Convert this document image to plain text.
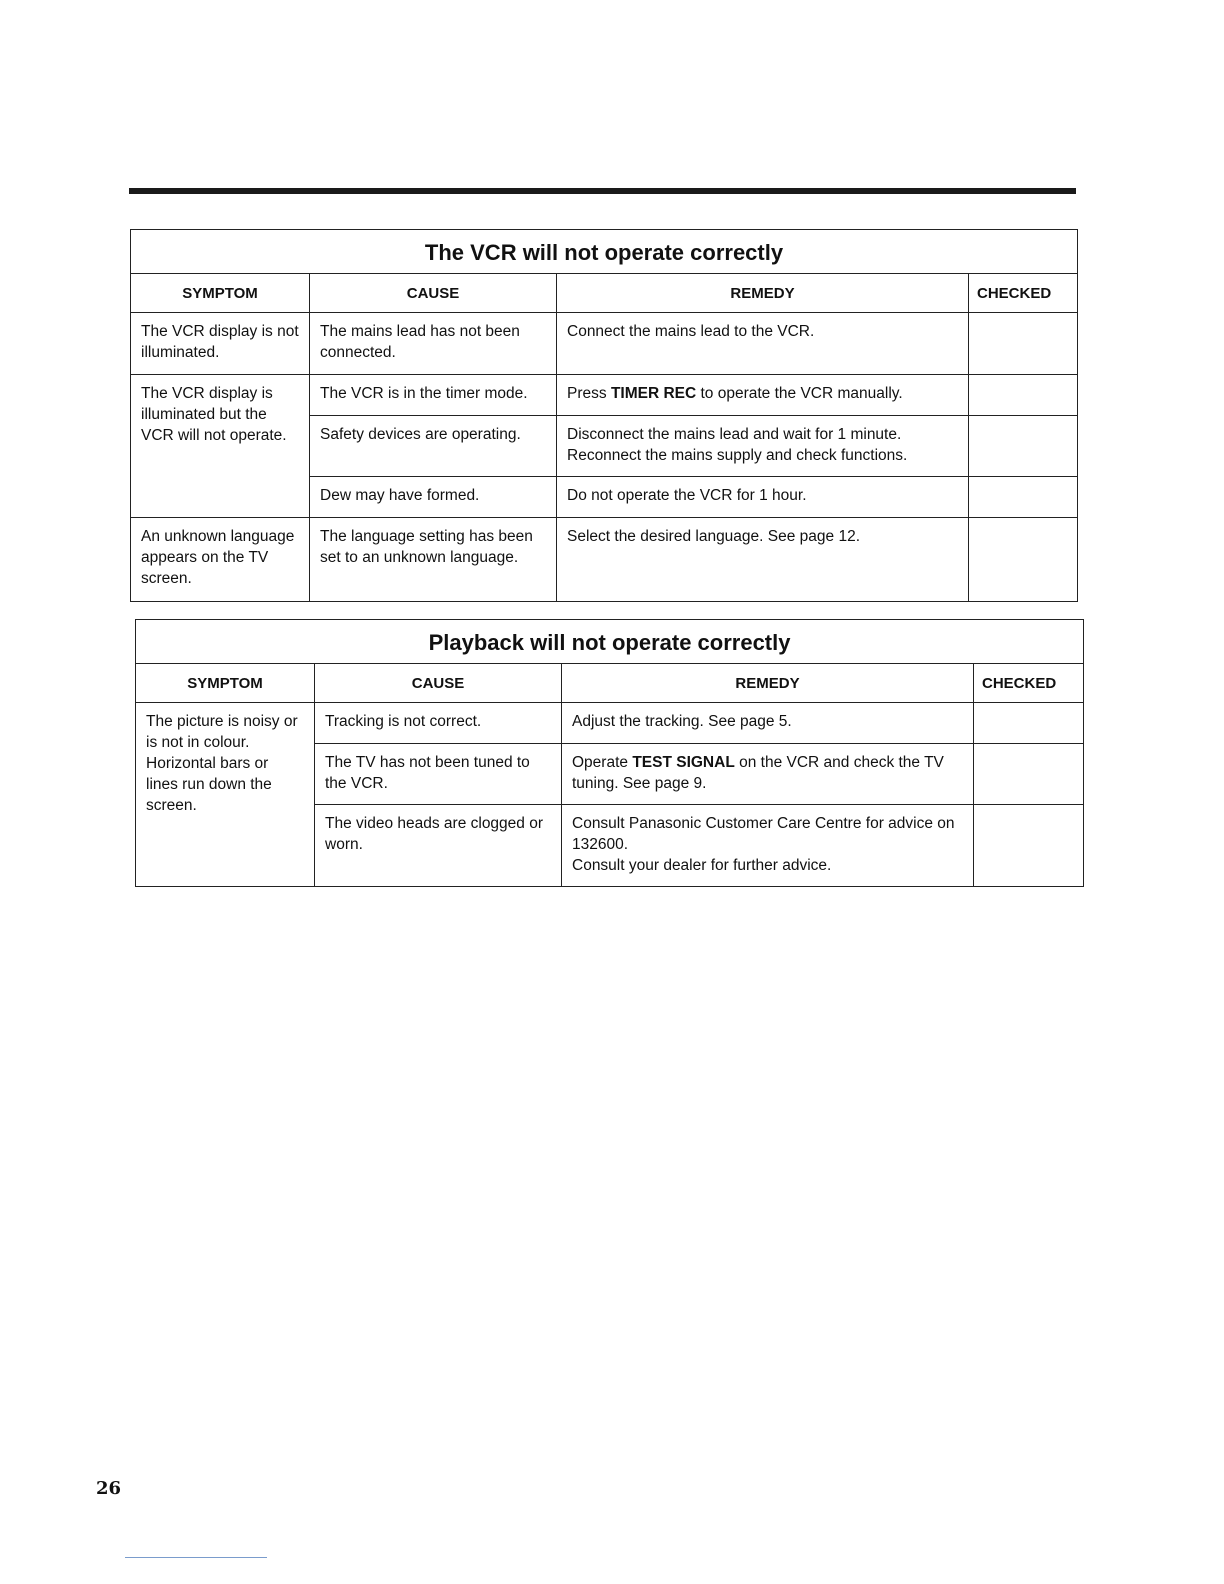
The VCR will not operate correctly			
SYMPTOM	CAUSE	REMEDY	CHECKED
The VCR display is not illuminated.	The mains lead has not been connected.	Connect the mains lead to the VCR.	
The VCR display is illuminated but the VCR will not operate.	The VCR is in the timer mode.	Press TIMER REC to operate the VCR manually.	
	Safety devices are operating.	Disconnect the mains lead and wait for 1 minute.
Reconnect the mains supply and check functions.	

	Dew may have formed.	Do not operate the VCR for 1 hour.	
An unknown language appears on the TV screen.	The language setting has been set to an unknown language.	Select the desired language. See page 12.	
Playback will not operate correctly			
SYMPTOM	CAUSE	REMEDY	CHECKED
The picture is noisy or is not in colour. Horizontal bars or lines run down the screen.	Tracking is not correct.	Adjust the tracking. See page 5.	
	The TV has not been tuned to the VCR.	Operate TEST SIGNAL on the VCR and check the TV tuning. See page 9.	
	The video heads are clogged or worn.	Consult Panasonic Customer Care Centre for advice on 132600.
Consult your dealer for further advice.	

26
